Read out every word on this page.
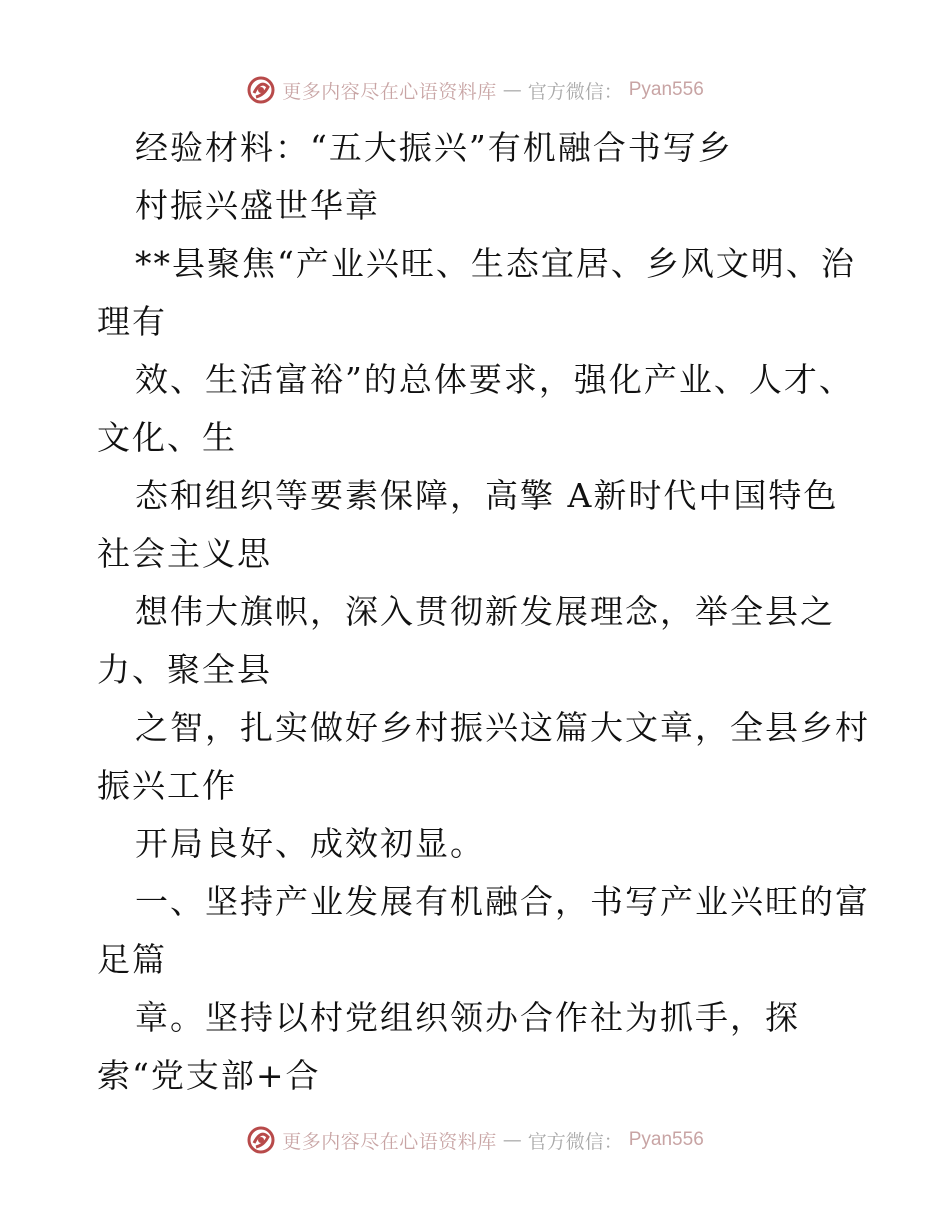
更多内容尽在心语资料库 — 官方微信： Pyan556
经验材料：“五大振兴”有机融合书写乡
村振兴盛世华章
**县聚焦“产业兴旺、生态宜居、乡风文明、治
理有
效、生活富裕”的总体要求，强化产业、人才、
文化、生
态和组织等要素保障，高擎 A新时代中国特色
社会主义思
想伟大旗帜，深入贯彻新发展理念，举全县之
力、聚全县
之智，扎实做好乡村振兴这篇大文章，全县乡村
振兴工作
开局良好、成效初显。
一、坚持产业发展有机融合，书写产业兴旺的富
足篇
章。坚持以村党组织领办合作社为抓手，探
索“党支部+合
更多内容尽在心语资料库 — 官方微信： Pyan556
